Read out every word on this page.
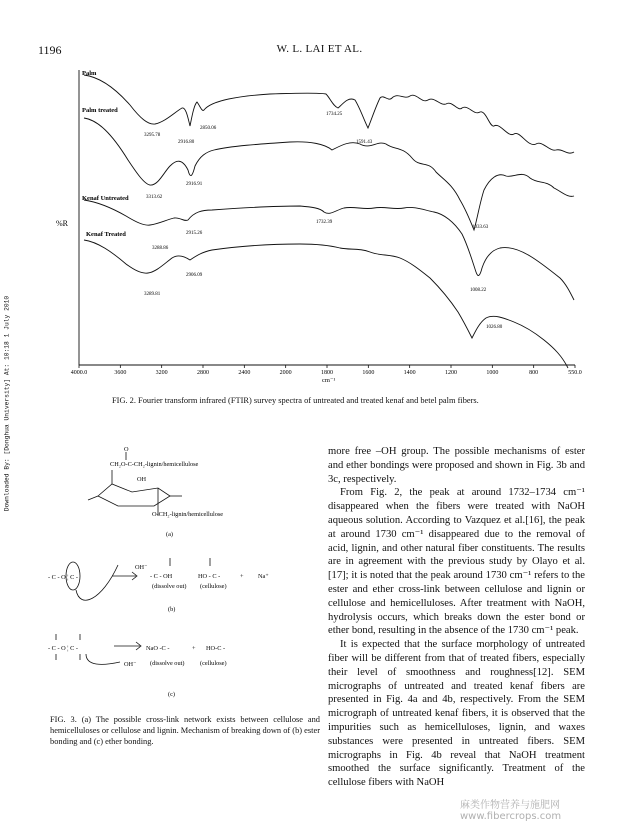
1196	W. L. LAI ET AL.
Downloaded By: [Donghua University] At: 10:18 1 July 2010
Palm
Palm treated
Kenaf Untreated
Kenaf Treated
%R
3295.78
2916.80
2850.06
1734.25
1591.43
3313.62
2916.91
1033.63
3288.86
2915.26
1732.39
2906.09
1008.22
3289.81
1026.80
4000.0	3600	3200	2800	2400	2000	1800	1600	1400	1200	1000	800	550.0
cm⁻¹
FIG. 2. Fourier transform infrared (FTIR) survey spectra of untreated and treated kenaf and betel palm fibers.
O
CH₂O-C-CH₂-lignin/hemicellulose
OH
O-CH₂-lignin/hemicellulose
(a)
- C - OH	HO - C -	Na⁺
+
OH⁻
(dissolve out) (cellulose)
(b)
- C - O ¦ C -
- C - O ¦ C -	NaO -C -	+ HO-C -
OH⁻ (dissolve out) (cellulose)
(c)
FIG. 3. (a) The possible cross-link network exists between cellulose and hemicelluloses or cellulose and lignin. Mechanism of breaking down of (b) ester bonding and (c) ether bonding.

more free –OH group. The possible mechanisms of ester and ether bondings were proposed and shown in Fig. 3b and 3c, respectively.

From Fig. 2, the peak at around 1732–1734 cm⁻¹ disappeared when the fibers were treated with NaOH aqueous solution. According to Vazquez et al.[16], the peak at around 1730 cm⁻¹ disappeared due to the removal of acid, lignin, and other natural fiber constituents. The results are in agreement with the previous study by Olayo et al.[17]; it is noted that the peak around 1730 cm⁻¹ refers to the ester and ether cross-link between cellulose and lignin or cellulose and hemicelluloses. After treatment with NaOH, hydrolysis occurs, which breaks down the ester bond or ether bond, resulting in the absence of the 1730 cm⁻¹ peak.

It is expected that the surface morphology of untreated fiber will be different from that of treated fibers, especially their level of smoothness and roughness[12]. SEM micrographs of untreated and treated kenaf fibers are presented in Fig. 4a and 4b, respectively. From the SEM micrograph of untreated kenaf fibers, it is observed that the impurities such as hemicelluloses, lignin, and waxes substances were presented in untreated fibers. SEM micrographs in Fig. 4b reveal that NaOH treatment smoothed the surface significantly. Treatment of the cellulose fibers with NaOH

麻类作物营养与施肥网 www.fibercrops.com
